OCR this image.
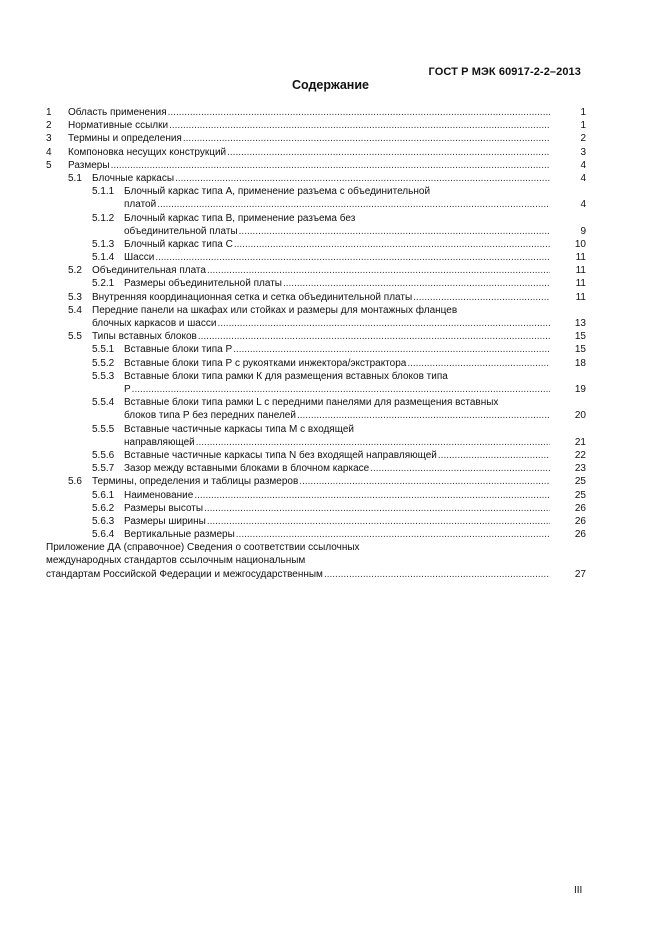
ГОСТ Р МЭК 60917-2-2–2013
Содержание
1 Область применения .....	1
2 Нормативные ссылки .....	1
3 Термины и определения .....	2
4 Компоновка несущих конструкций .....	3
5 Размеры .....	4
5.1 Блочные каркасы .....	4
5.1.1 Блочный каркас типа А, применение разъема с объединительной
платой .....	4
5.1.2 Блочный каркас типа В, применение разъема без
объединительной платы .....	9
5.1.3 Блочный каркас типа С .....	10
5.1.4 Шасси .....	11
5.2 Объединительная плата .....	11
5.2.1 Размеры объединительной платы .....	11
5.3 Внутренняя координационная сетка и сетка объединительной платы .....	11
5.4 Передние панели на шкафах или стойках и размеры для монтажных фланцев
блочных каркасов и шасси .....	13
5.5 Типы вставных блоков .....	15
5.5.1 Вставные блоки типа Р .....	15
5.5.2 Вставные блоки типа Р с рукоятками инжектора/экстрактора .....	18
5.5.3 Вставные блоки типа рамки К для размещения вставных блоков типа
Р .....	19
5.5.4 Вставные блоки типа рамки L с передними панелями для размещения вставных
блоков типа Р без передних панелей .....	20
5.5.5 Вставные частичные каркасы типа М с входящей
направляющей .....	21
5.5.6 Вставные частичные каркасы типа N без входящей направляющей .....	22
5.5.7 Зазор между вставными блоками в блочном каркасе .....	23
5.6 Термины, определения и таблицы размеров .....	25
5.6.1 Наименование .....	25
5.6.2 Размеры высоты .....	26
5.6.3 Размеры ширины .....	26
5.6.4 Вертикальные размеры .....	26
Приложение ДА (справочное) Сведения о соответствии ссылочных
международных стандартов ссылочным национальным
стандартам Российской Федерации и межгосударственным .....	27
III
